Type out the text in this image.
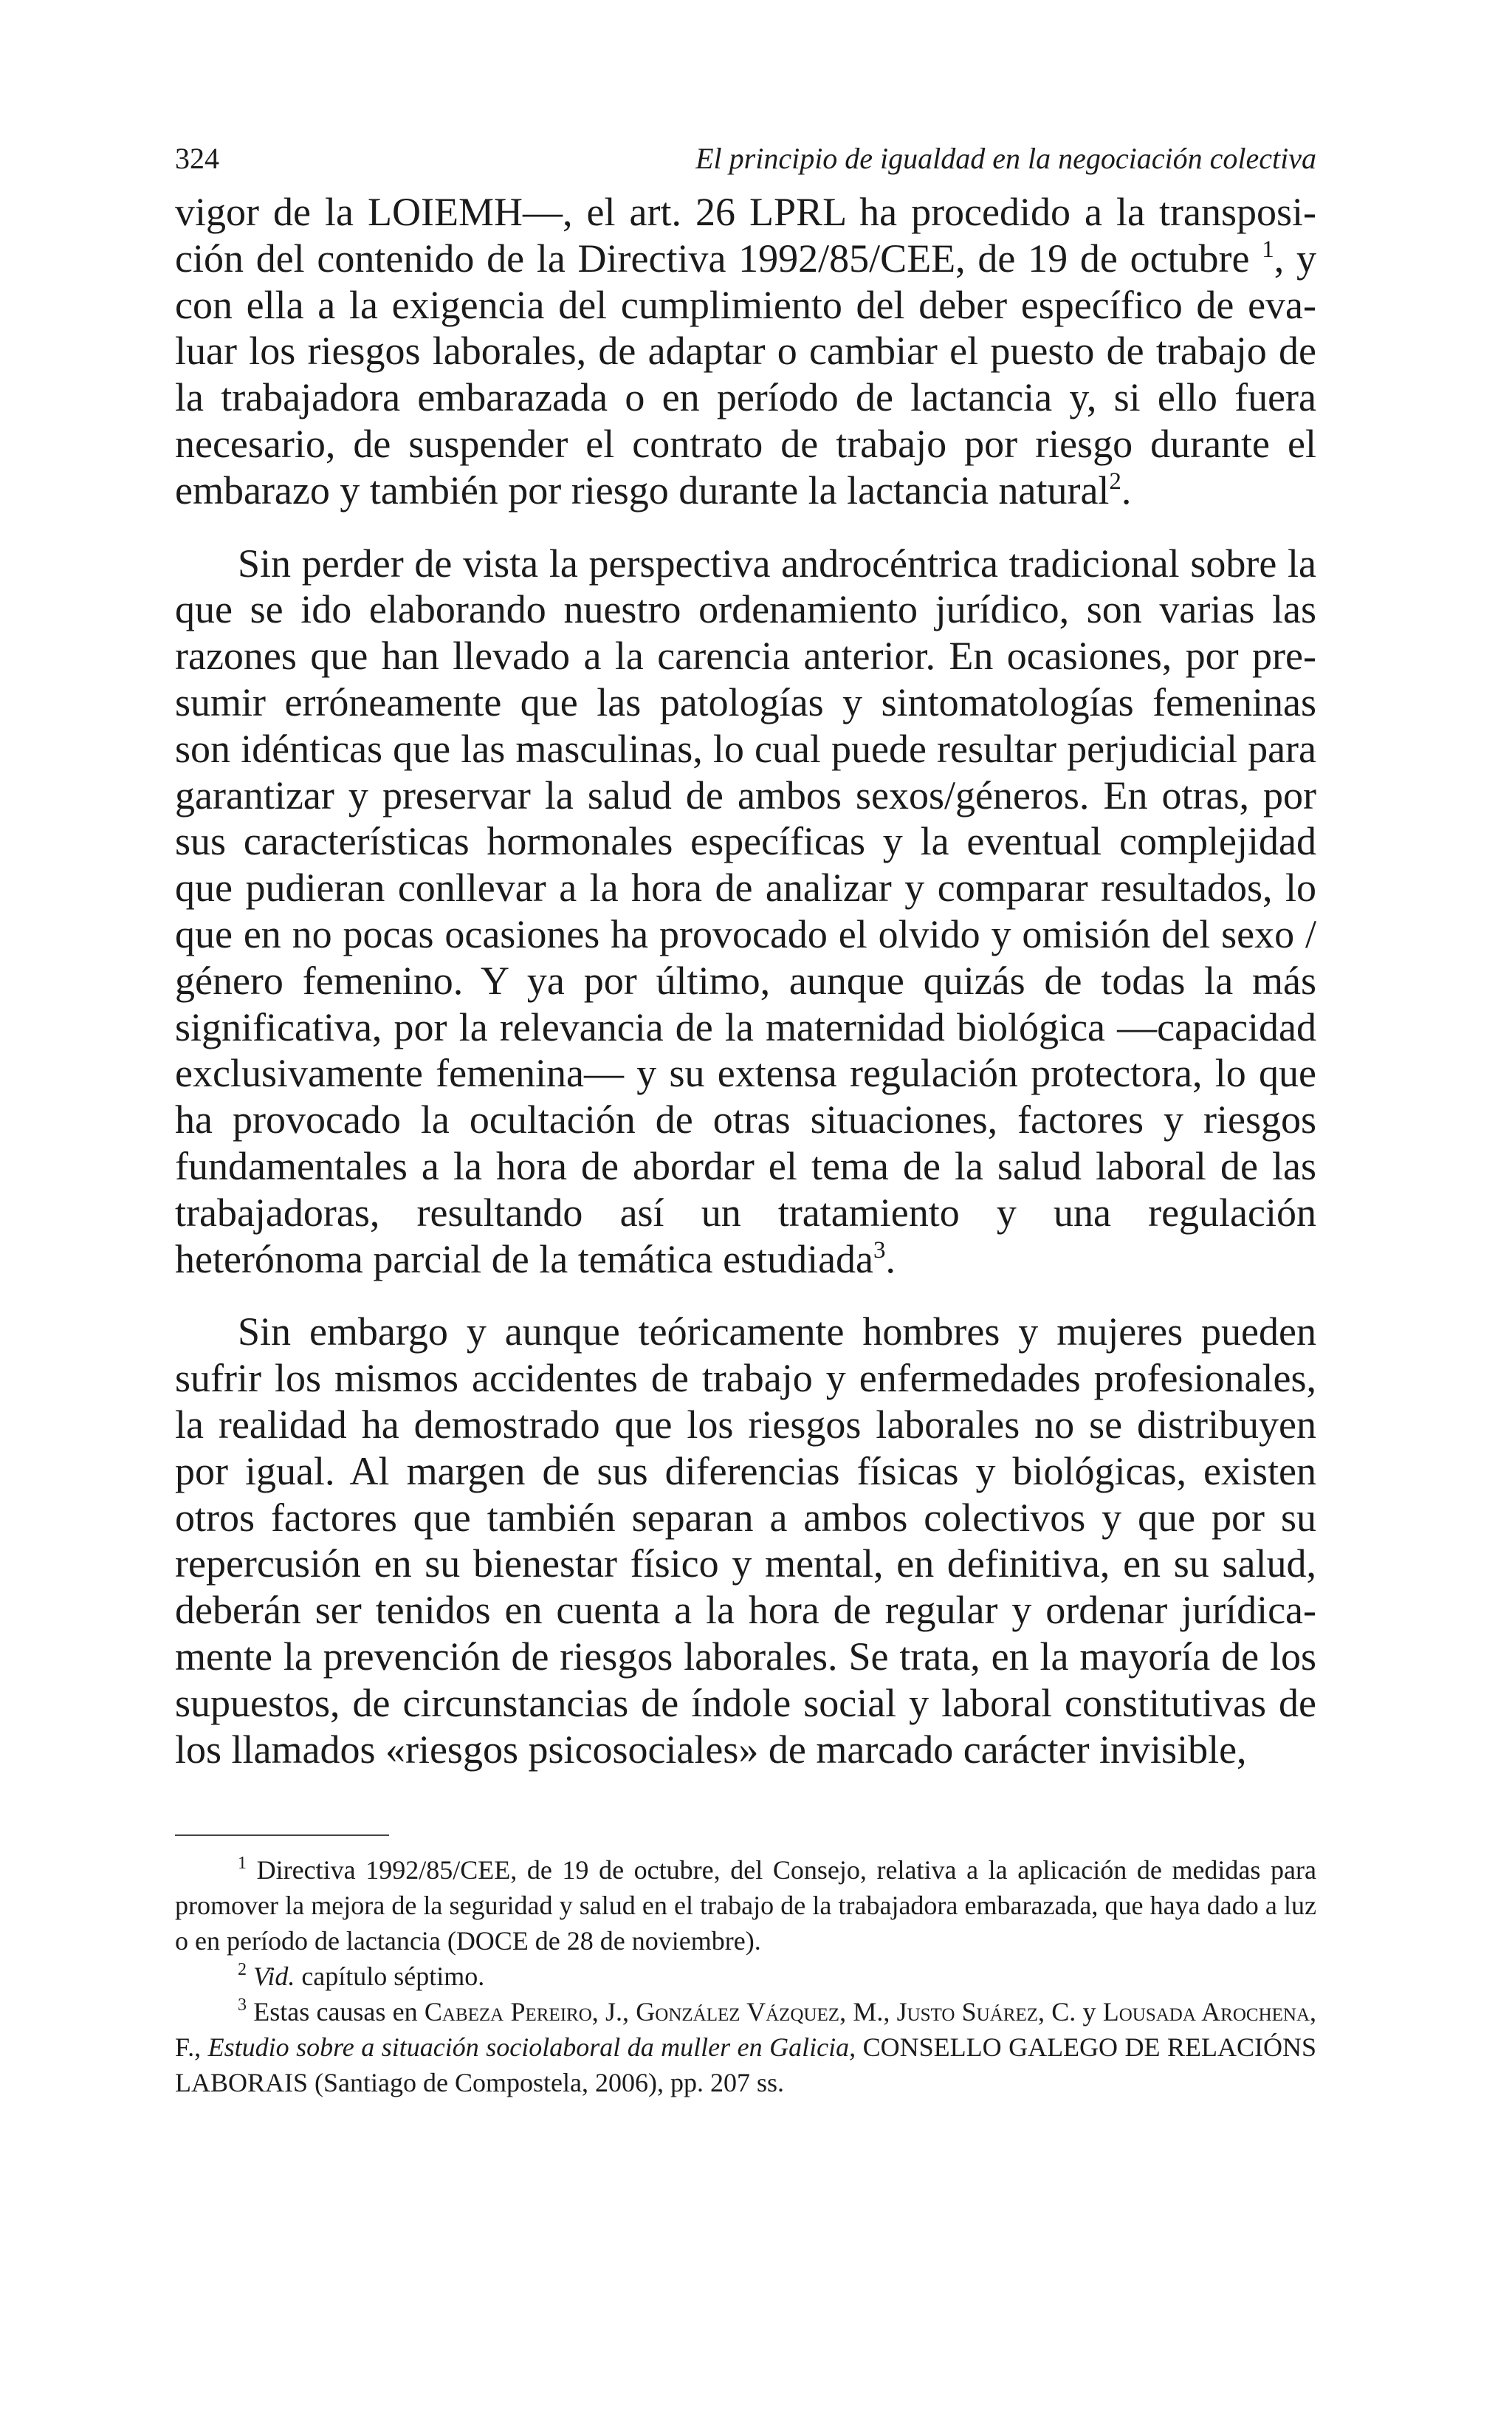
324	El principio de igualdad en la negociación colectiva

vigor de la LOIEMH—, el art. 26 LPRL ha procedido a la transposición del contenido de la Directiva 1992/85/CEE, de 19 de octubre $^1$, y con ella a la exigencia del cumplimiento del deber específico de evaluar los riesgos laborales, de adaptar o cambiar el puesto de trabajo de la trabajadora embarazada o en período de lactancia y, si ello fuera necesario, de suspender el contrato de trabajo por riesgo durante el embarazo y también por riesgo durante la lactancia natural$^2$.

Sin perder de vista la perspectiva androcéntrica tradicional sobre la que se ido elaborando nuestro ordenamiento jurídico, son varias las razones que han llevado a la carencia anterior. En ocasiones, por presumir erróneamente que las patologías y sintomatologías femeninas son idénticas que las masculinas, lo cual puede resultar perjudicial para garantizar y preservar la salud de ambos sexos/géneros. En otras, por sus características hormonales específicas y la eventual complejidad que pudieran conllevar a la hora de analizar y comparar resultados, lo que en no pocas ocasiones ha provocado el olvido y omisión del sexo / género femenino. Y ya por último, aunque quizás de todas la más significativa, por la relevancia de la maternidad biológica —capacidad exclusivamente femenina— y su extensa regulación protectora, lo que ha provocado la ocultación de otras situaciones, factores y riesgos fundamentales a la hora de abordar el tema de la salud laboral de las trabajadoras, resultando así un tratamiento y una regulación heterónoma parcial de la temática estudiada$^3$.

Sin embargo y aunque teóricamente hombres y mujeres pueden sufrir los mismos accidentes de trabajo y enfermedades profesionales, la realidad ha demostrado que los riesgos laborales no se distribuyen por igual. Al margen de sus diferencias físicas y biológicas, existen otros factores que también separan a ambos colectivos y que por su repercusión en su bienestar físico y mental, en definitiva, en su salud, deberán ser tenidos en cuenta a la hora de regular y ordenar jurídicamente la prevención de riesgos laborales. Se trata, en la mayoría de los supuestos, de circunstancias de índole social y laboral constitutivas de los llamados «riesgos psicosociales» de marcado carácter invisible,

$^1$ Directiva 1992/85/CEE, de 19 de octubre, del Consejo, relativa a la aplicación de medidas para promover la mejora de la seguridad y salud en el trabajo de la trabajadora embarazada, que haya dado a luz o en período de lactancia (DOCE de 28 de noviembre).

$^2$ Vid. capítulo séptimo.

$^3$ Estas causas en Cabeza Pereiro, J., González Vázquez, M., Justo Suárez, C. y Lousada Arochena, F., Estudio sobre a situación sociolaboral da muller en Galicia, CONSELLO GALEGO DE RELACIÓNS LABORAIS (Santiago de Compostela, 2006), pp. 207 ss.
